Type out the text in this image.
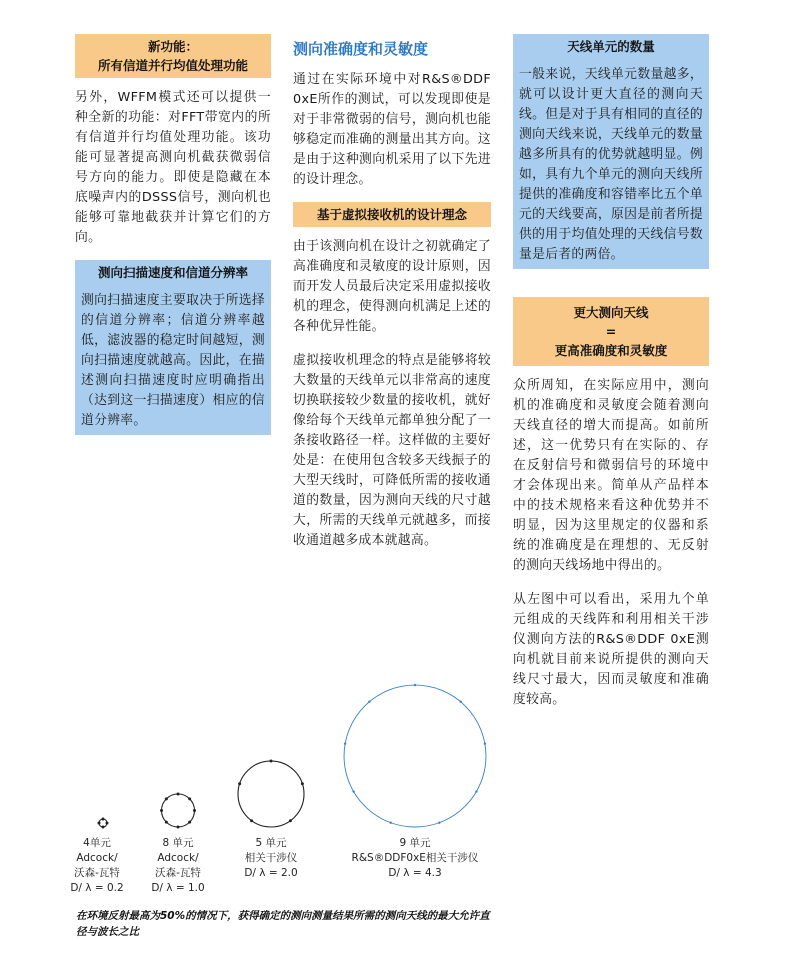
新功能：
所有信道并行均值处理功能

另外，WFFM模式还可以提供一种全新的功能：对FFT带宽内的所有信道并行均值处理功能。该功能可显著提高测向机截获微弱信号方向的能力。即使是隐藏在本底噪声内的DSSS信号，测向机也能够可靠地截获并计算它们的方向。

测向扫描速度和信道分辨率

测向扫描速度主要取决于所选择的信道分辨率；信道分辨率越低，滤波器的稳定时间越短，测向扫描速度就越高。因此，在描述测向扫描速度时应明确指出（达到这一扫描速度）相应的信道分辨率。

测向准确度和灵敏度

通过在实际环境中对R&S®DDF 0xE所作的测试，可以发现即使是对于非常微弱的信号，测向机也能够稳定而准确的测量出其方向。这是由于这种测向机采用了以下先进的设计理念。

基于虚拟接收机的设计理念

由于该测向机在设计之初就确定了高准确度和灵敏度的设计原则，因而开发人员最后决定采用虚拟接收机的理念，使得测向机满足上述的各种优异性能。

虚拟接收机理念的特点是能够将较大数量的天线单元以非常高的速度切换联接较少数量的接收机，就好像给每个天线单元都单独分配了一条接收路径一样。这样做的主要好处是：在使用包含较多天线振子的大型天线时，可降低所需的接收通道的数量，因为测向天线的尺寸越大，所需的天线单元就越多，而接收通道越多成本就越高。

天线单元的数量

一般来说，天线单元数量越多，就可以设计更大直径的测向天线。但是对于具有相同的直径的测向天线来说，天线单元的数量越多所具有的优势就越明显。例如，具有九个单元的测向天线所提供的准确度和容错率比五个单元的天线要高，原因是前者所提供的用于均值处理的天线信号数量是后者的两倍。

更大测向天线
=
更高准确度和灵敏度

众所周知，在实际应用中，测向机的准确度和灵敏度会随着测向天线直径的增大而提高。如前所述，这一优势只有在实际的、存在反射信号和微弱信号的环境中才会体现出来。简单从产品样本中的技术规格来看这种优势并不明显，因为这里规定的仪器和系统的准确度是在理想的、无反射的测向天线场地中得出的。

从左图中可以看出，采用九个单元组成的天线阵和利用相关干涉仪测向方法的R&S®DDF 0xE测向机就目前来说所提供的测向天线尺寸最大，因而灵敏度和准确度较高。

4单元
Adcock/
沃森-瓦特
D/ λ = 0.2
8 单元
Adcock/
沃森-瓦特
D/ λ = 1.0
5 单元
相关干涉仪
D/ λ = 2.0
9 单元
R&S®DDF0xE相关干涉仪
D/ λ = 4.3
在环境反射最高为50%的情况下，获得确定的测向测量结果所需的测向天线的最大允许直径与波长之比
